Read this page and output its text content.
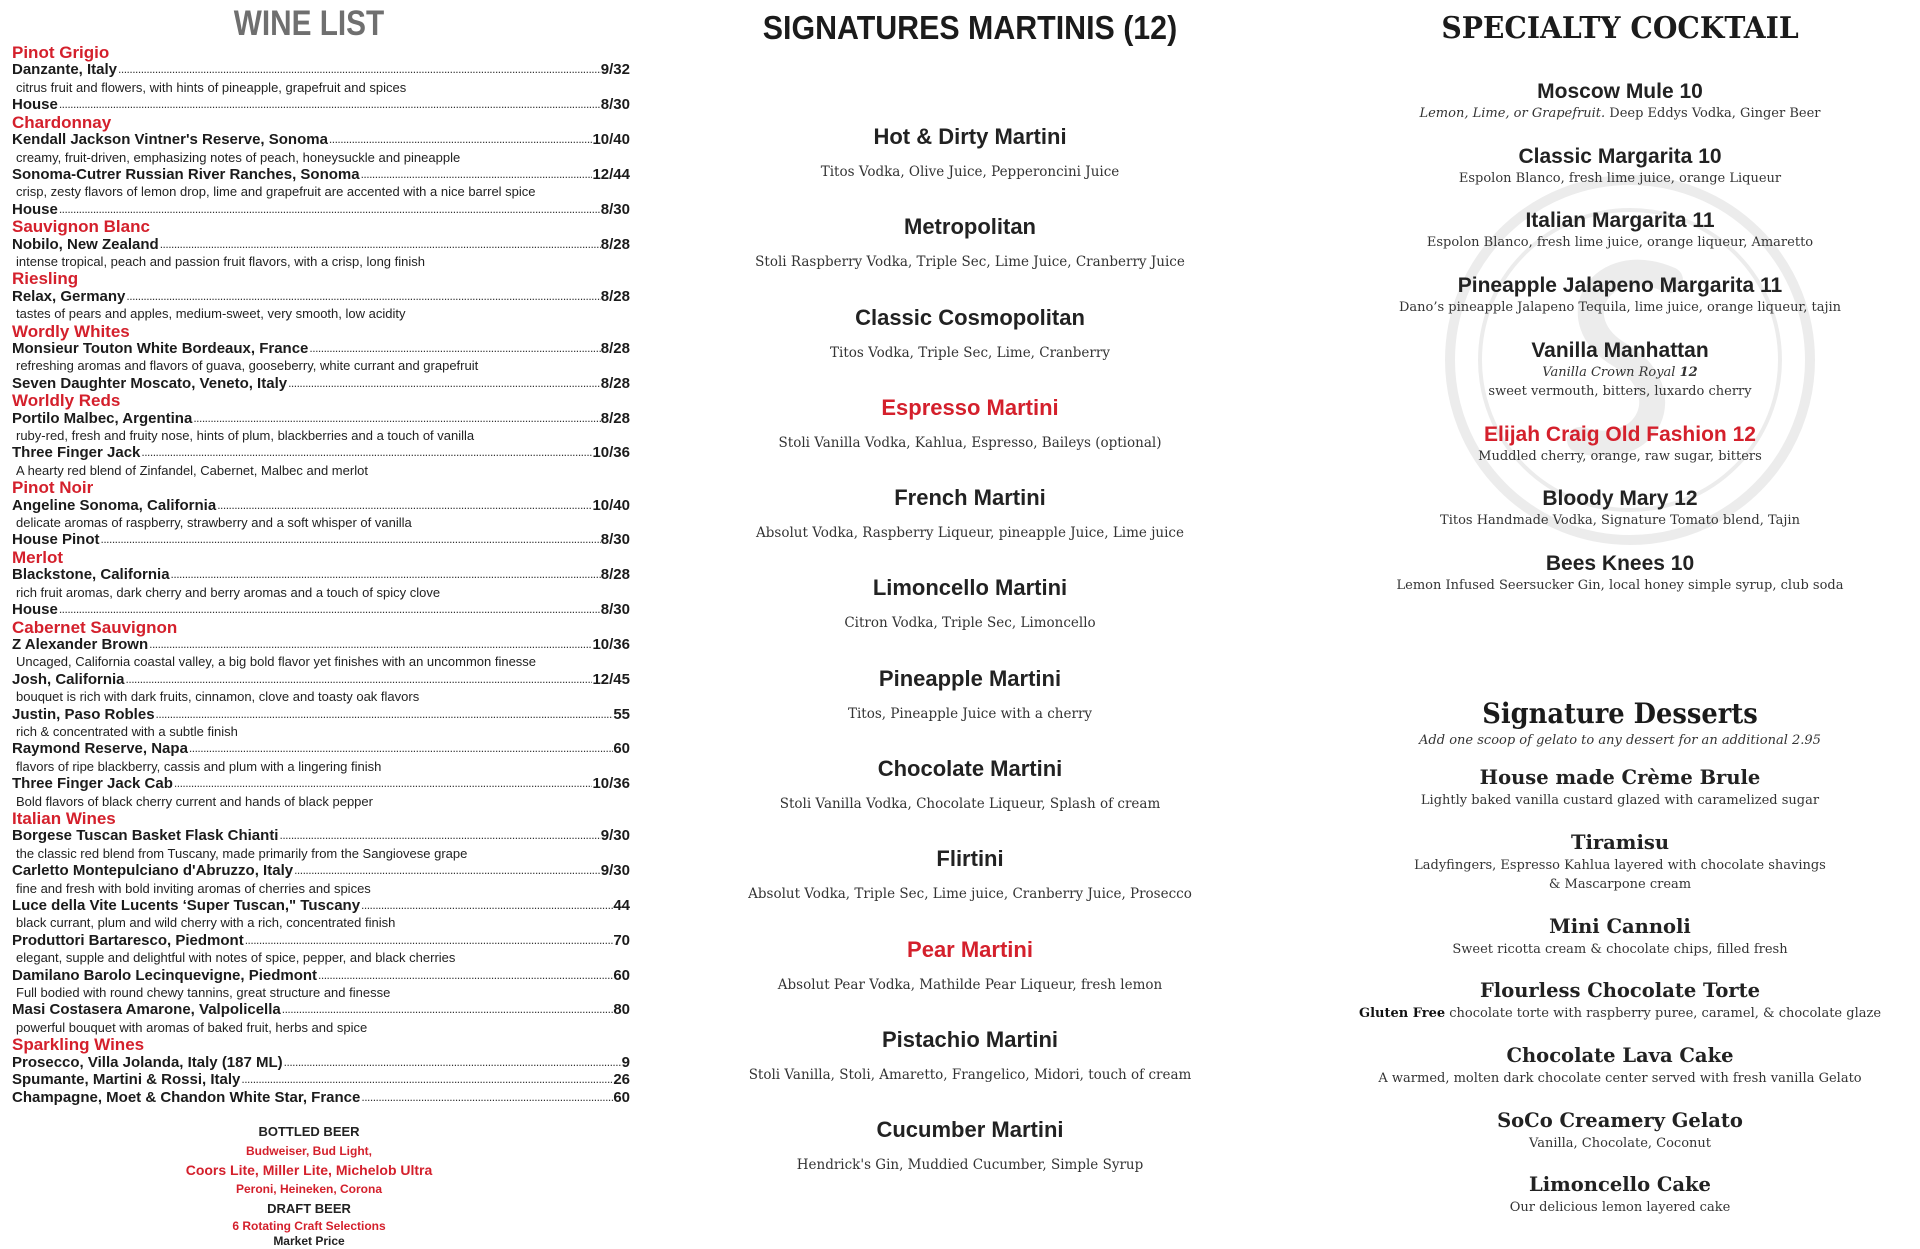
WINE LIST
Pinot Grigio
Danzante, Italy .....	9/32
citrus fruit and flowers, with hints of pineapple, grapefruit and spices
House .....	8/30
Chardonnay
Kendall Jackson Vintner's Reserve, Sonoma .....	10/40
creamy, fruit-driven, emphasizing notes of peach, honeysuckle and pineapple
Sonoma-Cutrer Russian River Ranches, Sonoma .....	12/44
crisp, zesty flavors of lemon drop, lime and grapefruit are accented with a nice barrel spice
House .....	8/30
Sauvignon Blanc
Nobilo, New Zealand .....	8/28
intense tropical, peach and passion fruit flavors, with a crisp, long finish
Riesling
Relax, Germany .....	8/28
tastes of pears and apples, medium-sweet, very smooth, low acidity
Wordly Whites
Monsieur Touton White Bordeaux, France .....	8/28
refreshing aromas and flavors of guava, gooseberry, white currant and grapefruit
Seven Daughter Moscato, Veneto, Italy .....	8/28
Worldly Reds
Portilo Malbec, Argentina .....	8/28
ruby-red, fresh and fruity nose, hints of plum, blackberries and a touch of vanilla
Three Finger Jack .....	10/36
A hearty red blend of Zinfandel, Cabernet, Malbec and merlot
Pinot Noir
Angeline Sonoma, California .....	10/40
delicate aromas of raspberry, strawberry and a soft whisper of vanilla
House Pinot .....	8/30
Merlot
Blackstone, California .....	8/28
rich fruit aromas, dark cherry and berry aromas and a touch of spicy clove
House .....	8/30
Cabernet Sauvignon
Z Alexander Brown .....	10/36
Uncaged, California coastal valley, a big bold flavor yet finishes with an uncommon finesse
Josh, California .....	12/45
bouquet is rich with dark fruits, cinnamon, clove and toasty oak flavors
Justin, Paso Robles .....	55
rich & concentrated with a subtle finish
Raymond Reserve, Napa .....	60
flavors of ripe blackberry, cassis and plum with a lingering finish
Three Finger Jack Cab .....	10/36
Bold flavors of black cherry current and hands of black pepper
Italian Wines
Borgese Tuscan Basket Flask Chianti .....	9/30
the classic red blend from Tuscany, made primarily from the Sangiovese grape
Carletto Montepulciano d'Abruzzo, Italy .....	9/30
fine and fresh with bold inviting aromas of cherries and spices
Luce della Vite Lucents ‘Super Tuscan," Tuscany .....	44
black currant, plum and wild cherry with a rich, concentrated finish
Produttori Bartaresco, Piedmont .....	70
elegant, supple and delightful with notes of spice, pepper, and black cherries
Damilano Barolo Lecinquevigne, Piedmont .....	60
Full bodied with round chewy tannins, great structure and finesse
Masi Costasera Amarone, Valpolicella .....	80
powerful bouquet with aromas of baked fruit, herbs and spice
Sparkling Wines
Prosecco, Villa Jolanda, Italy (187 ML) .....	9
Spumante, Martini & Rossi, Italy .....	26
Champagne, Moet & Chandon White Star, France .....	60
BOTTLED BEER
Budweiser, Bud Light,
Coors Lite, Miller Lite, Michelob Ultra
Peroni, Heineken, Corona
DRAFT BEER
6 Rotating Craft Selections
Market Price
SIGNATURES MARTINIS (12)
Hot & Dirty Martini
Titos Vodka, Olive Juice, Pepperoncini Juice
Metropolitan
Stoli Raspberry Vodka, Triple Sec, Lime Juice, Cranberry Juice
Classic Cosmopolitan
Titos Vodka, Triple Sec, Lime, Cranberry
Espresso Martini
Stoli Vanilla Vodka, Kahlua, Espresso, Baileys (optional)
French Martini
Absolut Vodka, Raspberry Liqueur, pineapple Juice, Lime juice
Limoncello Martini
Citron Vodka, Triple Sec, Limoncello
Pineapple Martini
Titos, Pineapple Juice with a cherry
Chocolate Martini
Stoli Vanilla Vodka, Chocolate Liqueur, Splash of cream
Flirtini
Absolut Vodka, Triple Sec, Lime juice, Cranberry Juice, Prosecco
Pear Martini
Absolut Pear Vodka, Mathilde Pear Liqueur, fresh lemon
Pistachio Martini
Stoli Vanilla, Stoli, Amaretto, Frangelico, Midori, touch of cream
Cucumber Martini
Hendrick's Gin, Muddied Cucumber, Simple Syrup
SPECIALTY COCKTAIL
Moscow Mule 10
Lemon, Lime, or Grapefruit. Deep Eddys Vodka, Ginger Beer
Classic Margarita 10
Espolon Blanco, fresh lime juice, orange Liqueur
Italian Margarita 11
Espolon Blanco, fresh lime juice, orange liqueur, Amaretto
Pineapple Jalapeno Margarita 11
Dano’s pineapple Jalapeno Tequila, lime juice, orange liqueur, tajin
Vanilla Manhattan
Vanilla Crown Royal 12
sweet vermouth, bitters, luxardo cherry
Elijah Craig Old Fashion 12
Muddled cherry, orange, raw sugar, bitters
Bloody Mary 12
Titos Handmade Vodka, Signature Tomato blend, Tajin
Bees Knees 10
Lemon Infused Seersucker Gin, local honey simple syrup, club soda
Signature Desserts
Add one scoop of gelato to any dessert for an additional 2.95
House made Crème Brule
Lightly baked vanilla custard glazed with caramelized sugar
Tiramisu
Ladyfingers, Espresso Kahlua layered with chocolate shavings
& Mascarpone cream
Mini Cannoli
Sweet ricotta cream & chocolate chips, filled fresh
Flourless Chocolate Torte
Gluten Free chocolate torte with raspberry puree, caramel, & chocolate glaze
Chocolate Lava Cake
A warmed, molten dark chocolate center served with fresh vanilla Gelato
SoCo Creamery Gelato
Vanilla, Chocolate, Coconut
Limoncello Cake
Our delicious lemon layered cake
